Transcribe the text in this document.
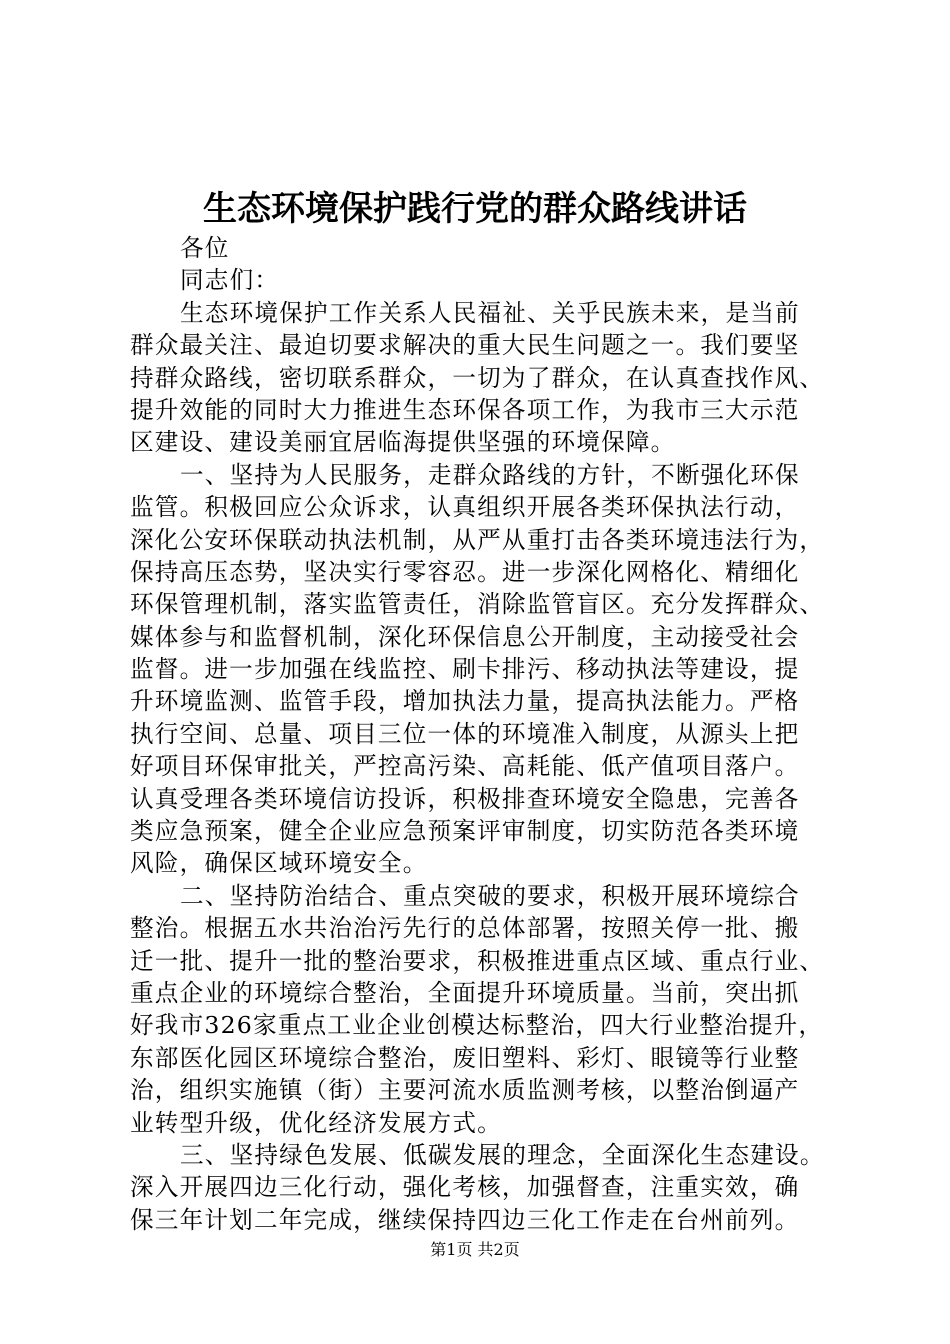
生态环境保护践行党的群众路线讲话
各位
同志们：
生态环境保护工作关系人民福祉、关乎民族未来，是当前
群众最关注、最迫切要求解决的重大民生问题之一。我们要坚
持群众路线，密切联系群众，一切为了群众，在认真查找作风、
提升效能的同时大力推进生态环保各项工作，为我市三大示范
区建设、建设美丽宜居临海提供坚强的环境保障。
一、坚持为人民服务，走群众路线的方针，不断强化环保
监管。积极回应公众诉求，认真组织开展各类环保执法行动，
深化公安环保联动执法机制，从严从重打击各类环境违法行为，
保持高压态势，坚决实行零容忍。进一步深化网格化、精细化
环保管理机制，落实监管责任，消除监管盲区。充分发挥群众、
媒体参与和监督机制，深化环保信息公开制度，主动接受社会
监督。进一步加强在线监控、刷卡排污、移动执法等建设，提
升环境监测、监管手段，增加执法力量，提高执法能力。严格
执行空间、总量、项目三位一体的环境准入制度，从源头上把
好项目环保审批关，严控高污染、高耗能、低产值项目落户。
认真受理各类环境信访投诉，积极排查环境安全隐患，完善各
类应急预案，健全企业应急预案评审制度，切实防范各类环境
风险，确保区域环境安全。
二、坚持防治结合、重点突破的要求，积极开展环境综合
整治。根据五水共治治污先行的总体部署，按照关停一批、搬
迁一批、提升一批的整治要求，积极推进重点区域、重点行业、
重点企业的环境综合整治，全面提升环境质量。当前，突出抓
好我市326家重点工业企业创模达标整治，四大行业整治提升，
东部医化园区环境综合整治，废旧塑料、彩灯、眼镜等行业整
治，组织实施镇（街）主要河流水质监测考核，以整治倒逼产
业转型升级，优化经济发展方式。
三、坚持绿色发展、低碳发展的理念，全面深化生态建设。
深入开展四边三化行动，强化考核，加强督查，注重实效，确
保三年计划二年完成，继续保持四边三化工作走在台州前列。
第1页 共2页
